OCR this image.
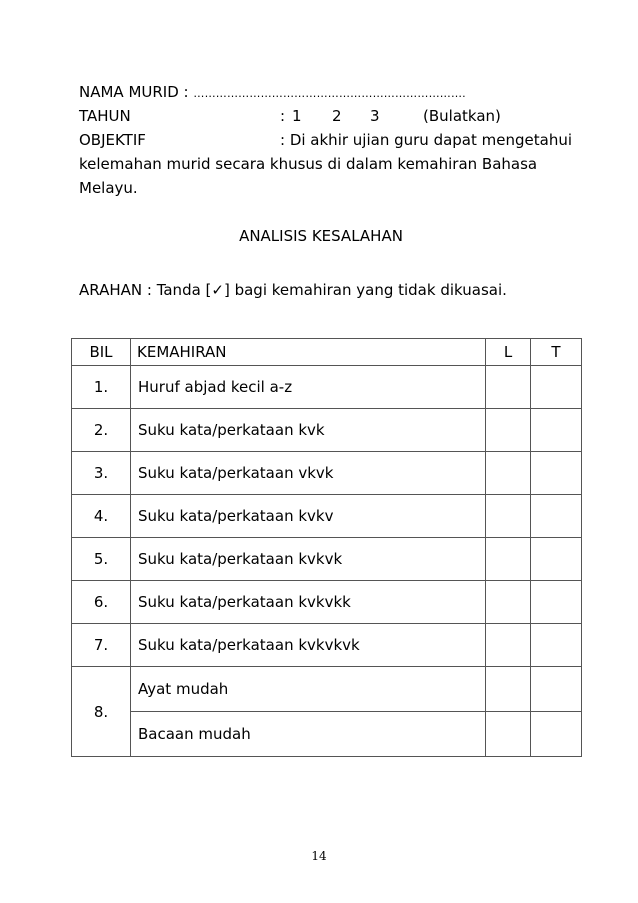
NAMA MURID : ……………………………………………………………….
TAHUN	: 1 2 3	(Bulatkan)
OBJEKTIF	: Di akhir ujian guru dapat mengetahui
kelemahan murid secara khusus di dalam kemahiran Bahasa
Melayu.
ANALISIS KESALAHAN
ARAHAN : Tanda [✓] bagi kemahiran yang tidak dikuasai.
BIL	KEMAHIRAN	L	T
1.	Huruf abjad kecil a-z		
2.	Suku kata/perkataan kvk		
3.	Suku kata/perkataan vkvk		
4.	Suku kata/perkataan kvkv		
5.	Suku kata/perkataan kvkvk		
6.	Suku kata/perkataan kvkvkk		
7.	Suku kata/perkataan kvkvkvk		
8.	Ayat mudah		
	Bacaan mudah		
14
